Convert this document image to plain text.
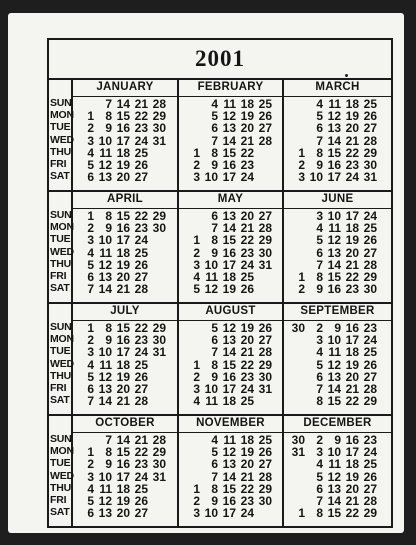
2001
SUN
MON
TUE
WED
THU
FRI
SAT
JANUARY
1
2
3
4
5
6
7
8
9
10
11
12
13
14
15
16
17
18
19
20
21
22
23
24
25
26
27
28
29
30
31
FEBRUARY
1
2
3
4
5
6
7
8
9
10
11
12
13
14
15
16
17
18
19
20
21
22
23
24
25
26
27
28
MARCH
1
2
3
4
5
6
7
8
9
10
11
12
13
14
15
16
17
18
19
20
21
22
23
24
25
26
27
28
29
30
31
SUN
MON
TUE
WED
THU
FRI
SAT
APRIL
1
2
3
4
5
6
7
8
9
10
11
12
13
14
15
16
17
18
19
20
21
22
23
24
25
26
27
28
29
30
MAY
1
2
3
4
5
6
7
8
9
10
11
12
13
14
15
16
17
18
19
20
21
22
23
24
25
26
27
28
29
30
31
JUNE
1
2
3
4
5
6
7
8
9
10
11
12
13
14
15
16
17
18
19
20
21
22
23
24
25
26
27
28
29
30
SUN
MON
TUE
WED
THU
FRI
SAT
JULY
1
2
3
4
5
6
7
8
9
10
11
12
13
14
15
16
17
18
19
20
21
22
23
24
25
26
27
28
29
30
31
AUGUST
1
2
3
4
5
6
7
8
9
10
11
12
13
14
15
16
17
18
19
20
21
22
23
24
25
26
27
28
29
30
31
SEPTEMBER
30 2
3
4
5
6
7
8
9
10
11
12
13
14
15
16
17
18
19
20
21
22
23
24
25
26
27
28
29
SUN
MON
TUE
WED
THU
FRI
SAT
OCTOBER
1
2
3
4
5
6
7
8
9
10
11
12
13
14
15
16
17
18
19
20
21
22
23
24
25
26
27
28
29
30
31
NOVEMBER
1
2
3
4
5
6
7
8
9
10
11
12
13
14
15
16
17
18
19
20
21
22
23
24
25
26
27
28
29
30
DECEMBER
30
31
1
2
3
4
5
6
7
8
9
10
11
12
13
14
15
16
17
18
19
20
21
22
23
24
25
26
27
28
29
